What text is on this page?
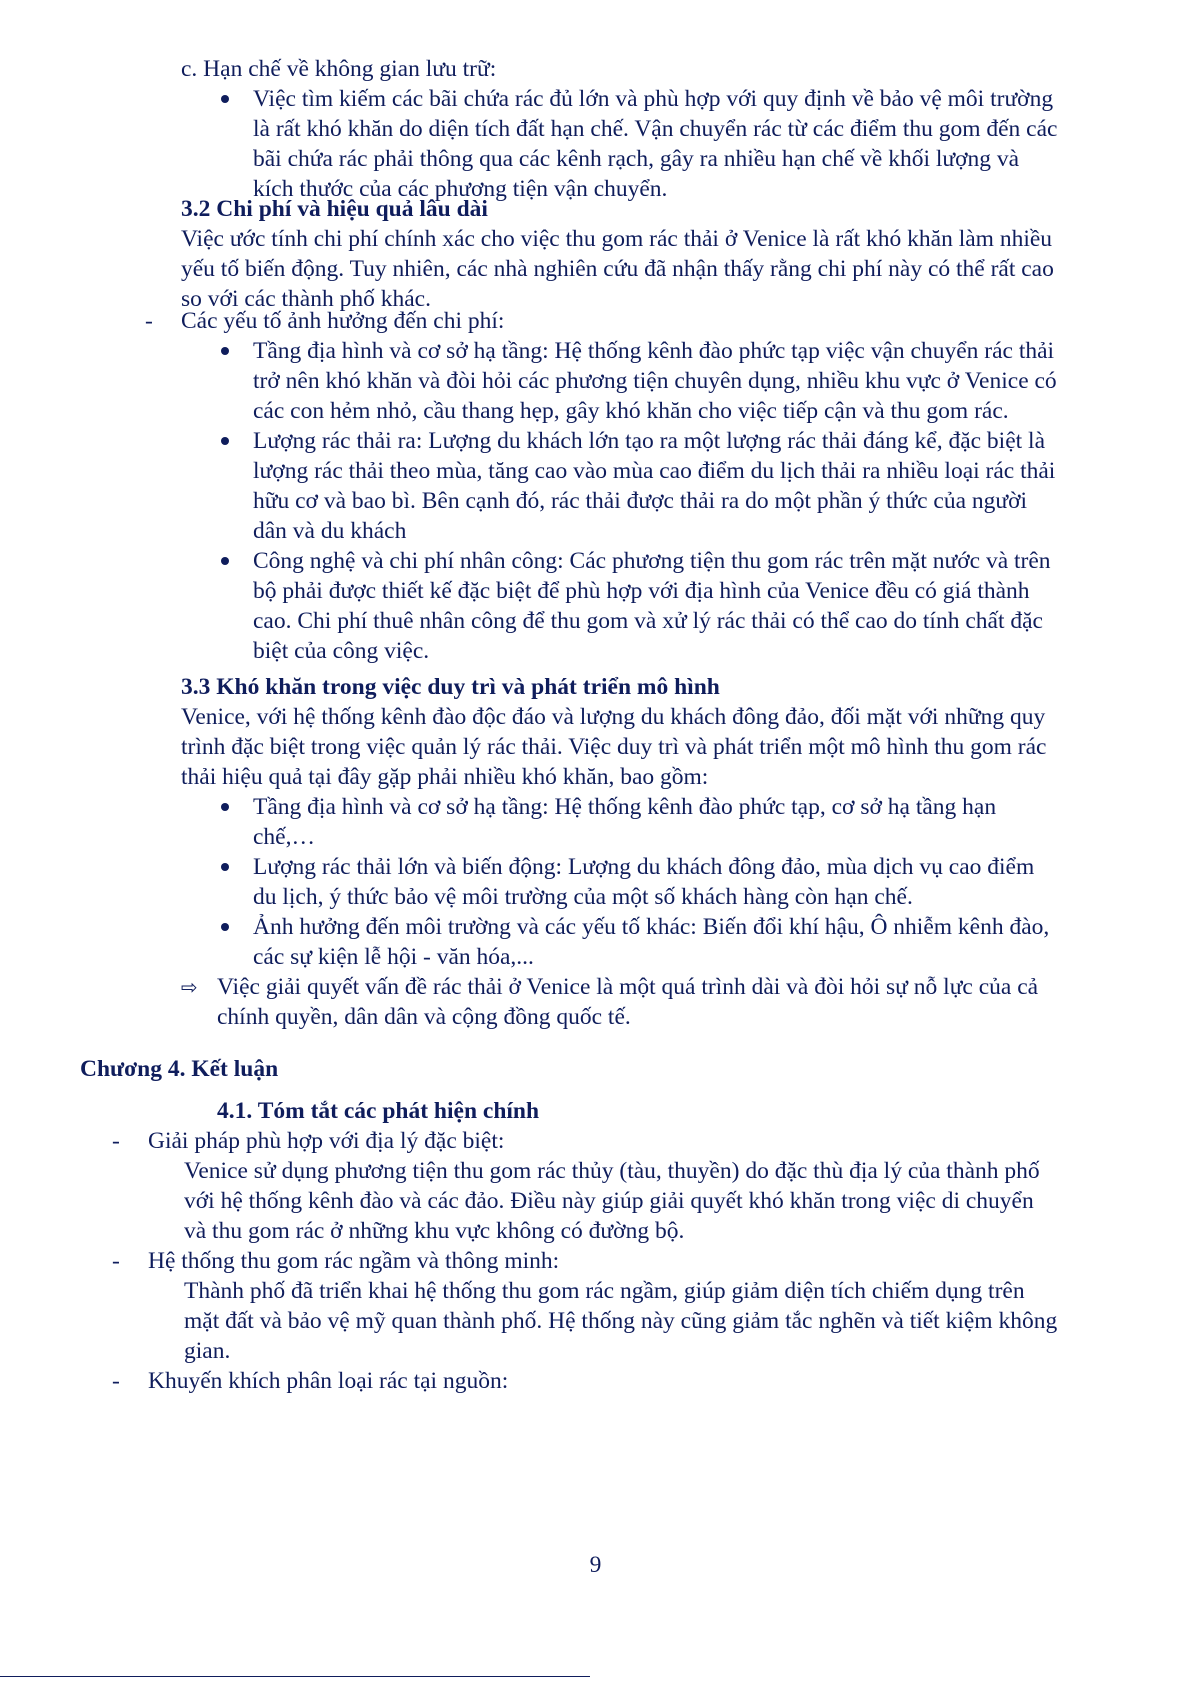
c. Hạn chế về không gian lưu trữ:
Việc tìm kiếm các bãi chứa rác đủ lớn và phù hợp với quy định về bảo vệ môi trường là rất khó khăn do diện tích đất hạn chế. Vận chuyển rác từ các điểm thu gom đến các bãi chứa rác phải thông qua các kênh rạch, gây ra nhiều hạn chế về khối lượng và kích thước của các phương tiện vận chuyển.
3.2 Chi phí và hiệu quả lâu dài
Việc ước tính chi phí chính xác cho việc thu gom rác thải ở Venice là rất khó khăn làm nhiều yếu tố biến động. Tuy nhiên, các nhà nghiên cứu đã nhận thấy rằng chi phí này có thể rất cao so với các thành phố khác.
- Các yếu tố ảnh hưởng đến chi phí:
Tầng địa hình và cơ sở hạ tầng: Hệ thống kênh đào phức tạp việc vận chuyển rác thải trở nên khó khăn và đòi hỏi các phương tiện chuyên dụng, nhiều khu vực ở Venice có các con hẻm nhỏ, cầu thang hẹp, gây khó khăn cho việc tiếp cận và thu gom rác.
Lượng rác thải ra: Lượng du khách lớn tạo ra một lượng rác thải đáng kể, đặc biệt là lượng rác thải theo mùa, tăng cao vào mùa cao điểm du lịch thải ra nhiều loại rác thải hữu cơ và bao bì. Bên cạnh đó, rác thải được thải ra do một phần ý thức của người dân và du khách
Công nghệ và chi phí nhân công: Các phương tiện thu gom rác trên mặt nước và trên bộ phải được thiết kế đặc biệt để phù hợp với địa hình của Venice đều có giá thành cao. Chi phí thuê nhân công để thu gom và xử lý rác thải có thể cao do tính chất đặc biệt của công việc.
3.3 Khó khăn trong việc duy trì và phát triển mô hình
Venice, với hệ thống kênh đào độc đáo và lượng du khách đông đảo, đối mặt với những quy trình đặc biệt trong việc quản lý rác thải. Việc duy trì và phát triển một mô hình thu gom rác thải hiệu quả tại đây gặp phải nhiều khó khăn, bao gồm:
Tầng địa hình và cơ sở hạ tầng: Hệ thống kênh đào phức tạp, cơ sở hạ tầng hạn chế,…
Lượng rác thải lớn và biến động: Lượng du khách đông đảo, mùa dịch vụ cao điểm du lịch, ý thức bảo vệ môi trường của một số khách hàng còn hạn chế.
Ảnh hưởng đến môi trường và các yếu tố khác: Biến đổi khí hậu, Ô nhiễm kênh đào, các sự kiện lễ hội - văn hóa,...
⇨ Việc giải quyết vấn đề rác thải ở Venice là một quá trình dài và đòi hỏi sự nỗ lực của cả chính quyền, dân dân và cộng đồng quốc tế.
Chương 4. Kết luận
4.1. Tóm tắt các phát hiện chính
- Giải pháp phù hợp với địa lý đặc biệt:
Venice sử dụng phương tiện thu gom rác thủy (tàu, thuyền) do đặc thù địa lý của thành phố với hệ thống kênh đào và các đảo. Điều này giúp giải quyết khó khăn trong việc di chuyển và thu gom rác ở những khu vực không có đường bộ.
- Hệ thống thu gom rác ngầm và thông minh:
Thành phố đã triển khai hệ thống thu gom rác ngầm, giúp giảm diện tích chiếm dụng trên mặt đất và bảo vệ mỹ quan thành phố. Hệ thống này cũng giảm tắc nghẽn và tiết kiệm không gian.
- Khuyến khích phân loại rác tại nguồn:
9
